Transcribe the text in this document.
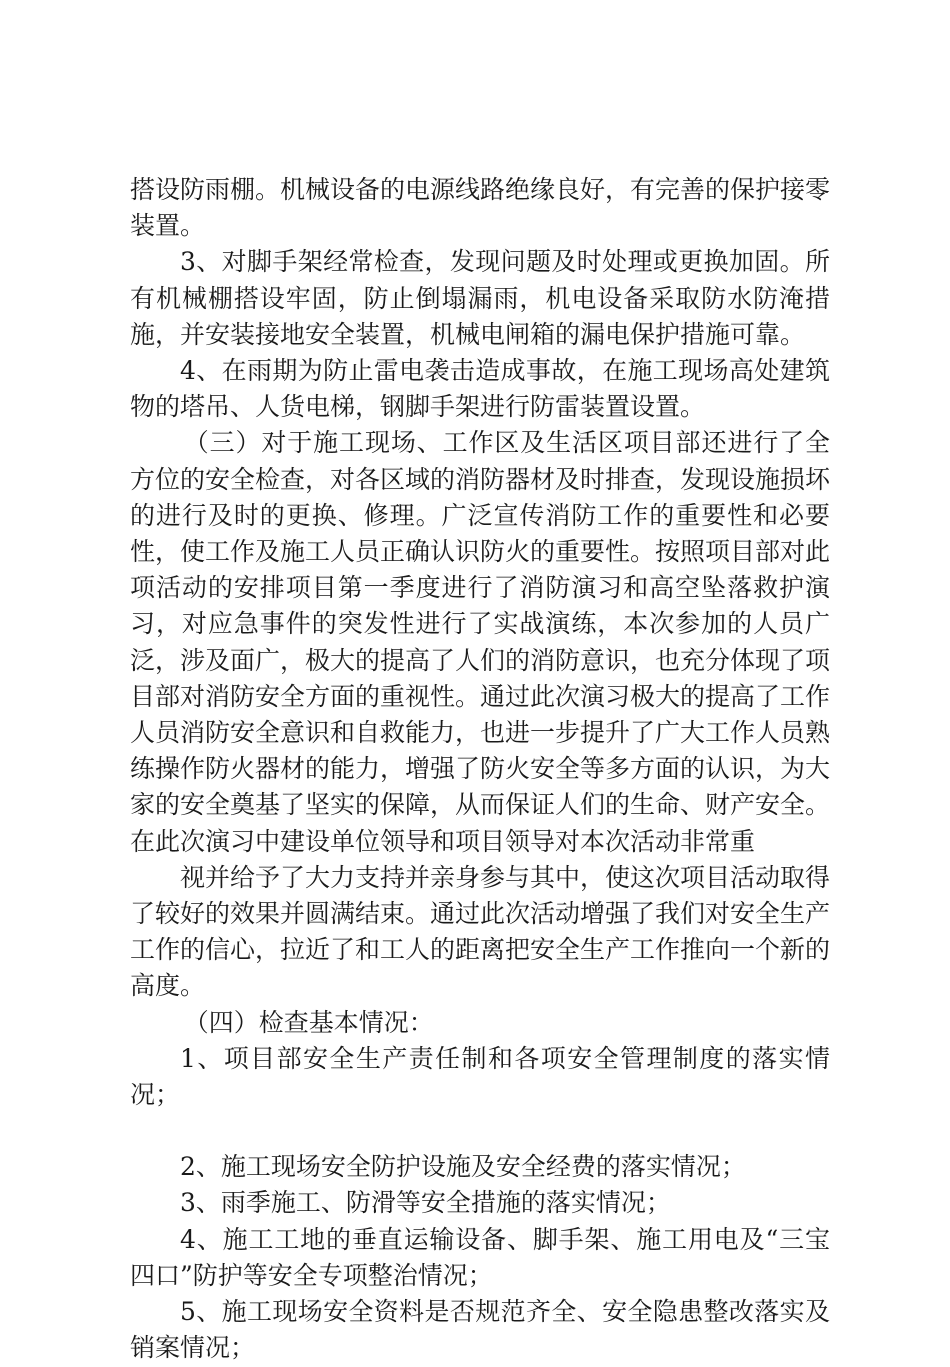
搭设防雨棚。机械设备的电源线路绝缘良好，有完善的保护接零装置。

3、对脚手架经常检查，发现问题及时处理或更换加固。所有机械棚搭设牢固，防止倒塌漏雨，机电设备采取防水防淹措施，并安装接地安全装置，机械电闸箱的漏电保护措施可靠。

4、在雨期为防止雷电袭击造成事故，在施工现场高处建筑物的塔吊、人货电梯，钢脚手架进行防雷装置设置。

（三）对于施工现场、工作区及生活区项目部还进行了全方位的安全检查，对各区域的消防器材及时排查，发现设施损坏的进行及时的更换、修理。广泛宣传消防工作的重要性和必要性，使工作及施工人员正确认识防火的重要性。按照项目部对此项活动的安排项目第一季度进行了消防演习和高空坠落救护演习，对应急事件的突发性进行了实战演练，本次参加的人员广泛，涉及面广，极大的提高了人们的消防意识，也充分体现了项目部对消防安全方面的重视性。通过此次演习极大的提高了工作人员消防安全意识和自救能力，也进一步提升了广大工作人员熟练操作防火器材的能力，增强了防火安全等多方面的认识，为大家的安全奠基了坚实的保障，从而保证人们的生命、财产安全。在此次演习中建设单位领导和项目领导对本次活动非常重

视并给予了大力支持并亲身参与其中，使这次项目活动取得了较好的效果并圆满结束。通过此次活动增强了我们对安全生产工作的信心，拉近了和工人的距离把安全生产工作推向一个新的高度。

（四）检查基本情况：

1、项目部安全生产责任制和各项安全管理制度的落实情况；

2、施工现场安全防护设施及安全经费的落实情况；

3、雨季施工、防滑等安全措施的落实情况；

4、施工工地的垂直运输设备、脚手架、施工用电及“三宝四口”防护等安全专项整治情况；

5、施工现场安全资料是否规范齐全、安全隐患整改落实及销案情况；
